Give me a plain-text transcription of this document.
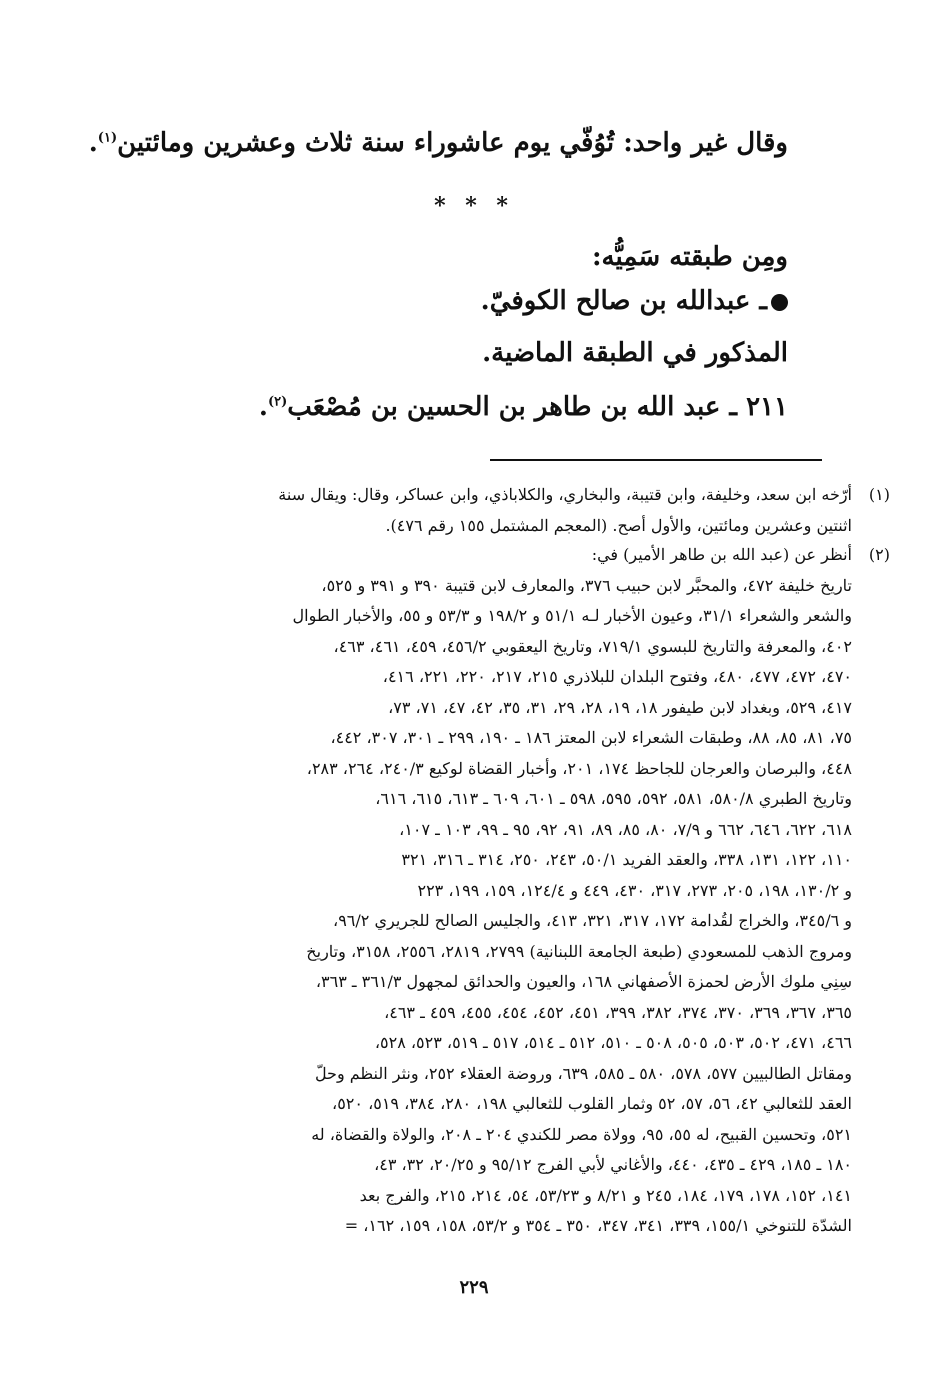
وقال غير واحد: تُوُفّي يوم عاشوراء سنة ثلاث وعشرين ومائتين$^{(١)}$.
* * *
ومِن طبقته سَمِيُّه:
ـ عبدالله بن صالح الكوفيّ.
المذكور في الطبقة الماضية.
٢١١ ـ عبد الله بن طاهر بن الحسين بن مُصْعَب$^{(٢)}$.
(١)
أرّخه ابن سعد، وخليفة، وابن قتيبة، والبخاري، والكلاباذي، وابن عساكر، وقال: ويقال سنة
اثنتين وعشرين ومائتين، والأول أصح. (المعجم المشتمل ١٥٥ رقم ٤٧٦).
(٢)
أنظر عن (عبد الله بن طاهر الأمير) في:
تاريخ خليفة ٤٧٢، والمحبَّر لابن حبيب ٣٧٦، والمعارف لابن قتيبة ٣٩٠ و ٣٩١ و ٥٢٥،
والشعر والشعراء ٣١/١، وعيون الأخبار لـه ٥١/١ و ١٩٨/٢ و ٥٣/٣ و ٥٥، والأخبار الطوال
٤٠٢، والمعرفة والتاريخ للبسوي ٧١٩/١، وتاريخ اليعقوبي ٤٥٦/٢، ٤٥٩، ٤٦١، ٤٦٣،
٤٧٠، ٤٧٢، ٤٧٧، ٤٨٠، وفتوح البلدان للبلاذري ٢١٥، ٢١٧، ٢٢٠، ٢٢١، ٤١٦،
٤١٧، ٥٢٩، وبغداد لابن طيفور ١٨، ١٩، ٢٨، ٢٩، ٣١، ٣٥، ٤٢، ٤٧، ٧١، ٧٣،
٧٥، ٨١، ٨٥، ٨٨، وطبقات الشعراء لابن المعتز ١٨٦ ـ ١٩٠، ٢٩٩ ـ ٣٠١، ٣٠٧، ٤٤٢،
٤٤٨، والبرصان والعرجان للجاحظ ١٧٤، ٢٠١، وأخبار القضاة لوكيع ٢٤٠/٣، ٢٦٤، ٢٨٣،
وتاريخ الطبري ٥٨٠/٨، ٥٨١، ٥٩٢، ٥٩٥، ٥٩٨ ـ ٦٠١، ٦٠٩ ـ ٦١٣، ٦١٥، ٦١٦،
٦١٨، ٦٢٢، ٦٤٦، ٦٦٢ و ٧/٩، ٨٠، ٨٥، ٨٩، ٩١، ٩٢، ٩٥ ـ ٩٩، ١٠٣ ـ ١٠٧،
١١٠، ١٢٢، ١٣١، ٣٣٨، والعقد الفريد ٥٠/١، ٢٤٣، ٢٥٠، ٣١٤ ـ ٣١٦، ٣٢١
و ١٣٠/٢، ١٩٨، ٢٠٥، ٢٧٣، ٣١٧، ٤٣٠، ٤٤٩ و ١٢٤/٤، ١٥٩، ١٩٩، ٢٢٣
و ٣٤٥/٦، والخراج لقُدامة ١٧٢، ٣١٧، ٣٢١، ٤١٣، والجليس الصالح للجريري ٩٦/٢،
ومروج الذهب للمسعودي (طبعة الجامعة اللبنانية) ٢٧٩٩، ٢٨١٩، ٢٥٥٦، ٣١٥٨، وتاريخ
سِنِي ملوك الأرض لحمزة الأصفهاني ١٦٨، والعيون والحدائق لمجهول ٣٦١/٣ ـ ٣٦٣،
٣٦٥، ٣٦٧، ٣٦٩، ٣٧٠، ٣٧٤، ٣٨٢، ٣٩٩، ٤٥١، ٤٥٢، ٤٥٤، ٤٥٥، ٤٥٩ ـ ٤٦٣،
٤٦٦، ٤٧١، ٥٠٢، ٥٠٣، ٥٠٥، ٥٠٨ ـ ٥١٠، ٥١٢ ـ ٥١٤، ٥١٧ ـ ٥١٩، ٥٢٣، ٥٢٨،
ومقاتل الطالبيين ٥٧٧، ٥٧٨، ٥٨٠ ـ ٥٨٥، ٦٣٩، وروضة العقلاء ٢٥٢، ونثر النظم وحلّ
العقد للثعالبي ٤٢، ٥٦، ٥٧، ٥٢ وثمار القلوب للثعالبي ١٩٨، ٢٨٠، ٣٨٤، ٥١٩، ٥٢٠،
٥٢١، وتحسين القبيح، له ٥٥، ٩٥، وولاة مصر للكندي ٢٠٤ ـ ٢٠٨، والولاة والقضاة، له
١٨٠ ـ ١٨٥، ٤٢٩ ـ ٤٣٥، ٤٤٠، والأغاني لأبي الفرج ٩٥/١٢ و ٢٠/٢٥، ٣٢، ٤٣،
١٤١، ١٥٢، ١٧٨، ١٧٩، ١٨٤، ٢٤٥ و ٨/٢١ و ٥٣/٢٣، ٥٤، ٢١٤، ٢١٥، والفرج بعد
الشدّة للتنوخي ١٥٥/١، ٣٣٩، ٣٤١، ٣٤٧، ٣٥٠ ـ ٣٥٤ و ٥٣/٢، ١٥٨، ١٥٩، ١٦٢، =
٢٢٩
